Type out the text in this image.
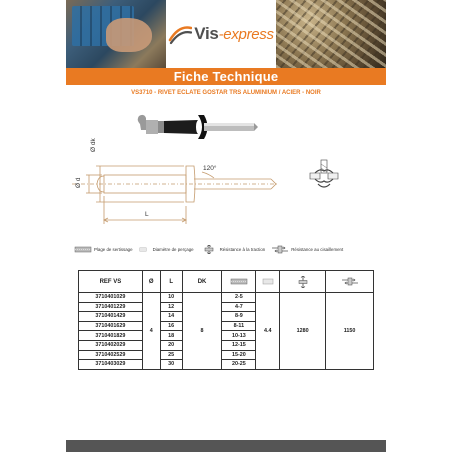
Vis-express
Fiche Technique
VS3710 - RIVET ECLATE GOSTAR TRS ALUMINIUM / ACIER - NOIR
Ø d
Ø dk
120°
L
Plage de sertissage	Diamètre de perçage	Résistance à la traction	Résistance au cisaillement
REF VS	Ø	L	DK	

3710401029	4	10	8	2-5	4.4	1280	1150
3710401229		12		4-7			
3710401429		14		8-9			
3710401629		16		8-11			
3710401829		18		10-13			
3710402029		20		12-15			
3710402529		25		15-20			
3710403029		30		20-25			
